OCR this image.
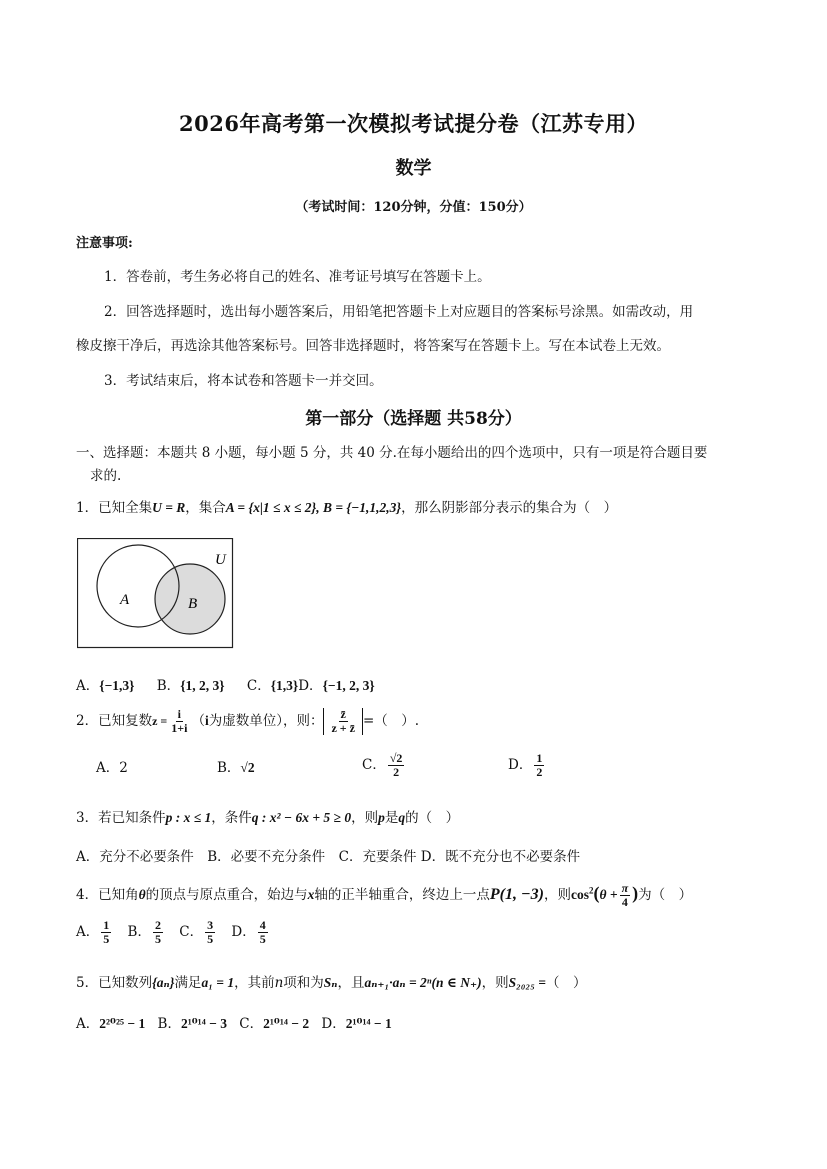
2026年高考第一次模拟考试提分卷（江苏专用）
数学
（考试时间：120分钟，分值：150分）
注意事项:
1．答卷前，考生务必将自己的姓名、准考证号填写在答题卡上。
2．回答选择题时，选出每小题答案后，用铅笔把答题卡上对应题目的答案标号涂黑。如需改动，用
橡皮擦干净后，再选涂其他答案标号。回答非选择题时，将答案写在答题卡上。写在本试卷上无效。
3．考试结束后，将本试卷和答题卡一并交回。
第一部分（选择题 共58分）
一、选择题：本题共 8 小题，每小题 5 分，共 40 分.在每小题给出的四个选项中，只有一项是符合题目要
求的.
1．已知全集U = R，集合A = {x|1 ≤ x ≤ 2}, B = {−1,1,2,3}，那么阴影部分表示的集合为（　）
U
A	B
A．{−1,3} B．{1, 2, 3} C．{1,3}D．{−1, 2, 3}
2．已知复数$z = \frac{i}{1+i} (i$为虚数单位），则： $\frac{z̄}{z + z̄}$ =（　）.
A．2	B．√2	C． $\frac{√2}{2}$	D． $\frac{1}{2}$
3．若已知条件p : x ≤ 1，条件q : x² − 6x + 5 ≥ 0，则p是q的（　）
A．充分不必要条件　B．必要不充分条件　C．充要条件 D．既不充分也不必要条件
4．已知角θ的顶点与原点重合，始边与x轴的正半轴重合，终边上一点P(1, −3)，则$\cos^2(\theta + \frac{\pi}{4}$ )为（　）
A． $\frac{1}{5}$ B． $\frac{2}{5}$ C． $\frac{3}{5}$ D． $\frac{4}{5}$
5．已知数列{aₙ}满足a₁ = 1，其前n项和为Sₙ，且aₙ₊₁·aₙ = 2ⁿ(n ∈ N₊)，则S₂₀₂₅ =（　）
A．2²⁰²⁵ − 1 B．2¹⁰¹⁴ − 3 C．2¹⁰¹⁴ − 2 D．2¹⁰¹⁴ − 1
